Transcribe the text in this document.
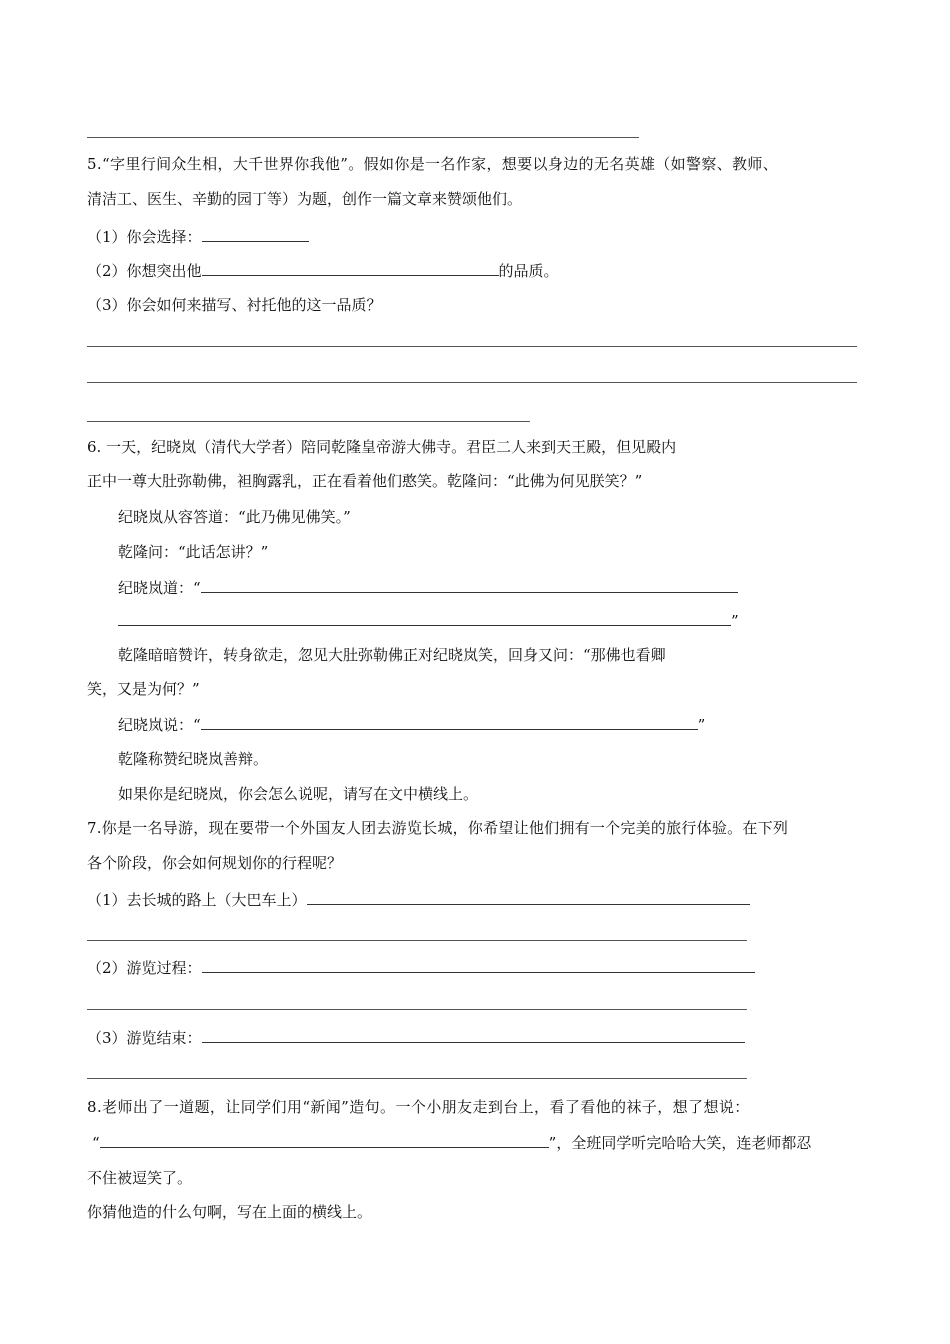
5.“字里行间众生相，大千世界你我他”。假如你是一名作家，想要以身边的无名英雄（如警察、教师、
清洁工、医生、辛勤的园丁等）为题，创作一篇文章来赞颂他们。
（1）你会选择：
（2）你想突出他	的品质。
（3）你会如何来描写、衬托他的这一品质？
6. 一天，纪晓岚（清代大学者）陪同乾隆皇帝游大佛寺。君臣二人来到天王殿，但见殿内
正中一尊大肚弥勒佛，袒胸露乳，正在看着他们憨笑。乾隆问：“此佛为何见朕笑？”
纪晓岚从容答道：“此乃佛见佛笑。”
乾隆问：“此话怎讲？”
纪晓岚道：“
”
乾隆暗暗赞许，转身欲走，忽见大肚弥勒佛正对纪晓岚笑，回身又问：“那佛也看卿
笑，又是为何？”
纪晓岚说：“	”
乾隆称赞纪晓岚善辩。
如果你是纪晓岚，你会怎么说呢，请写在文中横线上。
7.你是一名导游，现在要带一个外国友人团去游览长城，你希望让他们拥有一个完美的旅行体验。在下列
各个阶段，你会如何规划你的行程呢？
（1）去长城的路上（大巴车上）
（2）游览过程：
（3）游览结束：
8.老师出了一道题，让同学们用“新闻”造句。一个小朋友走到台上，看了看他的袜子，想了想说：
“	”，全班同学听完哈哈大笑，连老师都忍
不住被逗笑了。
你猜他造的什么句啊，写在上面的横线上。
